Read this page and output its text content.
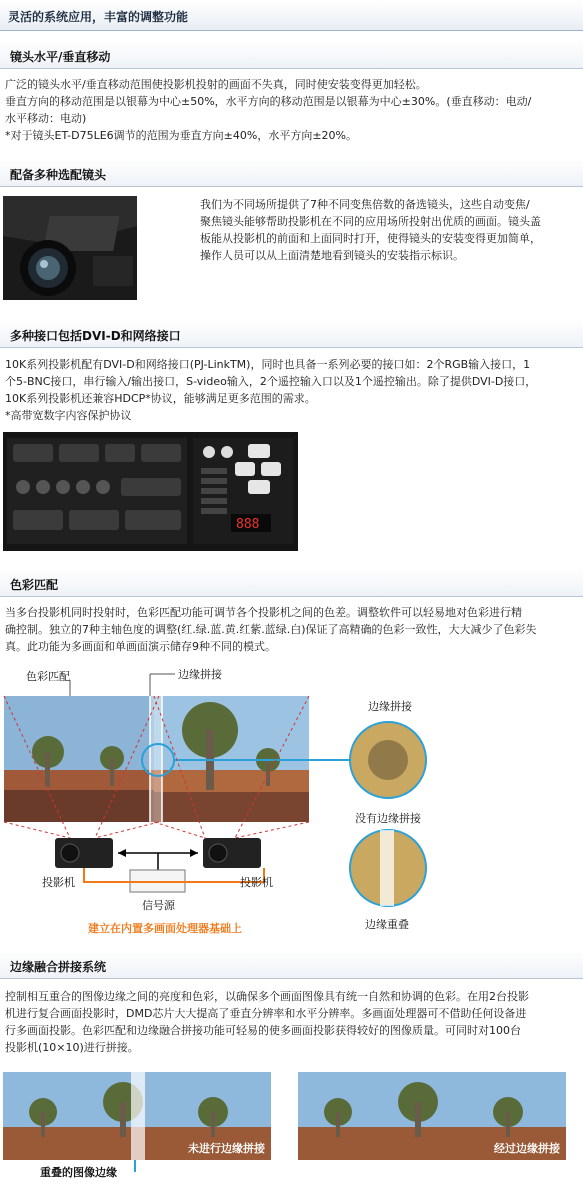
灵活的系统应用，丰富的调整功能
镜头水平/垂直移动
广泛的镜头水平/垂直移动范围使投影机投射的画面不失真，同时使安装变得更加轻松。
垂直方向的移动范围是以银幕为中心±50%，水平方向的移动范围是以银幕为中心±30%。(垂直移动：电动/
水平移动：电动)
*对于镜头ET-D75LE6调节的范围为垂直方向±40%，水平方向±20%。
配备多种选配镜头
我们为不同场所提供了7种不同变焦倍数的备选镜头，这些自动变焦/
聚焦镜头能够帮助投影机在不同的应用场所投射出优质的画面。镜头盖
板能从投影机的前面和上面同时打开，使得镜头的安装变得更加简单，
操作人员可以从上面清楚地看到镜头的安装指示标识。
多种接口包括DVI-D和网络接口
10K系列投影机配有DVI-D和网络接口(PJ-LinkTM)，同时也具备一系列必要的接口如：2个RGB输入接口，1
个5-BNC接口，串行输入/输出接口，S-video输入，2个遥控输入口以及1个遥控输出。除了提供DVI-D接口，
10K系列投影机还兼容HDCP*协议，能够满足更多范围的需求。
*高带宽数字内容保护协议
888
色彩匹配
当多台投影机同时投射时，色彩匹配功能可调节各个投影机之间的色差。调整软件可以轻易地对色彩进行精
确控制。独立的7种主轴色度的调整(红.绿.蓝.黄.红紫.蓝绿.白)保证了高精确的色彩一致性，大大减少了色彩失
真。此功能为多画面和单画面演示储存9种不同的模式。
色彩匹配	边缘拼接
边缘拼接
没有边缘拼接
边缘重叠
投影机	投影机
信号源
建立在内置多画面处理器基础上
边缘融合拼接系统
控制相互重合的图像边缘之间的亮度和色彩，以确保多个画面图像具有统一自然和协调的色彩。在用2台投影
机进行复合画面投影时，DMD芯片大大提高了垂直分辨率和水平分辨率。多画面处理器可不借助任何设备进
行多画面投影。色彩匹配和边缘融合拼接功能可轻易的使多画面投影获得较好的图像质量。可同时对100台
投影机(10×10)进行拼接。
未进行边缘拼接
重叠的图像边缘
经过边缘拼接
